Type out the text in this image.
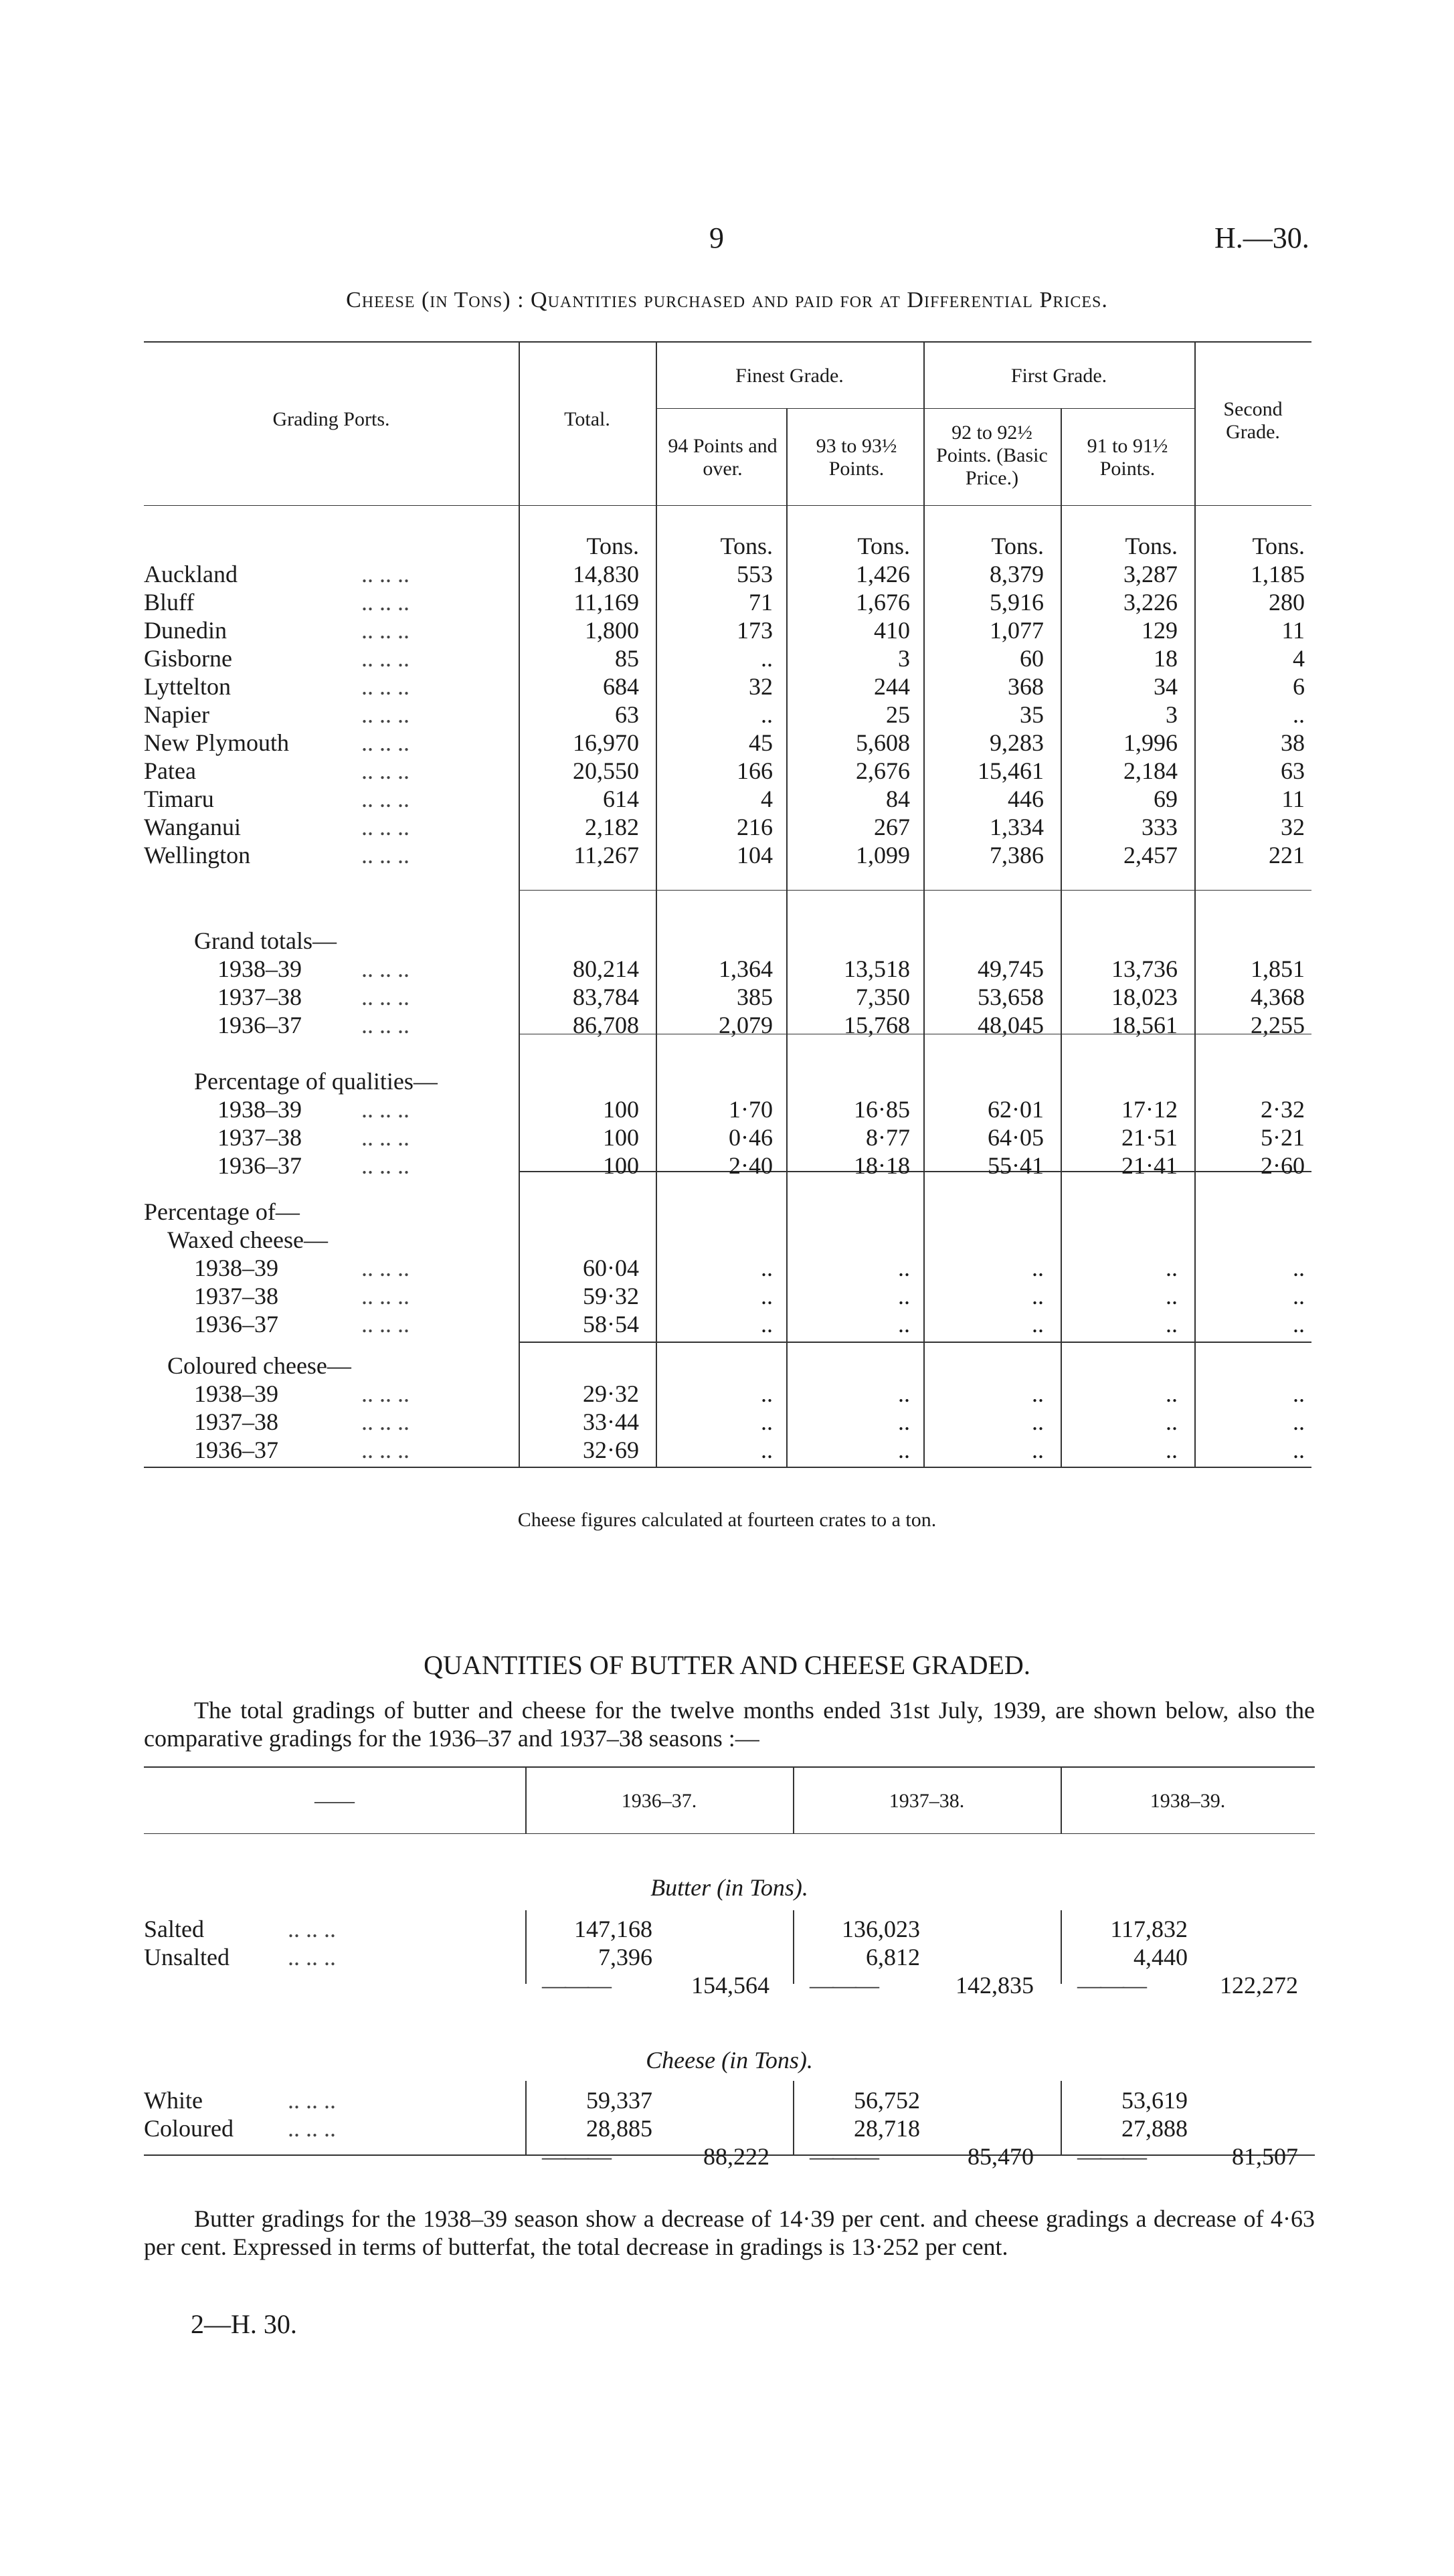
9	H.—30.
Cheese (in Tons) : Quantities purchased and paid for at Differential Prices.
Grading Ports.	Total.
Finest Grade.	First Grade.
Second Grade.
94 Points and over.
93 to 93½ Points.
92 to 92½ Points. (Basic Price.)
91 to 91½ Points.
Tons.	Tons.	Tons.	Tons.	Tons.	Tons.
Auckland	.. .. ..	14,830	553	1,426	8,379	3,287	1,185
Bluff	.. .. ..	11,169	71	1,676	5,916	3,226	280
Dunedin	.. .. ..	1,800	173	410	1,077	129	11
Gisborne	.. .. ..	85	..	3	60	18	4
Lyttelton	.. .. ..	684	32	244	368	34	6
Napier	.. .. ..	63	..	25	35	3	..
New Plymouth	.. .. ..	16,970	45	5,608	9,283	1,996	38
Patea	.. .. ..	20,550	166	2,676	15,461	2,184	63
Timaru	.. .. ..	614	4	84	446	69	11
Wanganui	.. .. ..	2,182	216	267	1,334	333	32
Wellington	.. .. ..	11,267	104	1,099	7,386	2,457	221
Grand totals—
1938–39 .. .. ..	80,214	1,364	13,518	49,745	13,736	1,851
1937–38 .. .. ..	83,784	385	7,350	53,658	18,023	4,368
1936–37 .. .. ..	86,708	2,079	15,768	48,045	18,561	2,255
Percentage of qualities—
1938–39 .. .. ..	100	1·70	16·85	62·01	17·12	2·32
1937–38 .. .. ..	100	0·46	8·77	64·05	21·51	5·21
1936–37 .. .. ..	100	2·40	18·18	55·41	21·41	2·60
Percentage of—
Waxed cheese—
1938–39	.. .. ..	60·04	..	..	..	..	..
1937–38	.. .. ..	59·32	..	..	..	..	..
1936–37	.. .. ..	58·54	..	..	..	..	..
Coloured cheese—
1938–39	.. .. ..	29·32	..	..	..	..	..
1937–38	.. .. ..	33·44	..	..	..	..	..
1936–37	.. .. ..	32·69	..	..	..	..	..
Cheese figures calculated at fourteen crates to a ton.
QUANTITIES OF BUTTER AND CHEESE GRADED.
The total gradings of butter and cheese for the twelve months ended 31st July, 1939, are shown below, also the comparative gradings for the 1936–37 and 1937–38 seasons :—
——	1936–37.	1937–38.	1938–39.
Butter (in Tons).
Cheese (in Tons).
Salted	.. .. ..	147,168	136,023	117,832
Unsalted .. .. ..	7,396	6,812	4,440
———	154,564 ———	142,835 ———	122,272
White	.. .. ..	59,337	56,752	53,619
Coloured .. .. ..	28,885	28,718	27,888
———	88,222 ———	85,470 ———	81,507
Butter gradings for the 1938–39 season show a decrease of 14·39 per cent. and cheese gradings a decrease of 4·63 per cent. Expressed in terms of butterfat, the total decrease in gradings is 13·252 per cent.
2—H. 30.
